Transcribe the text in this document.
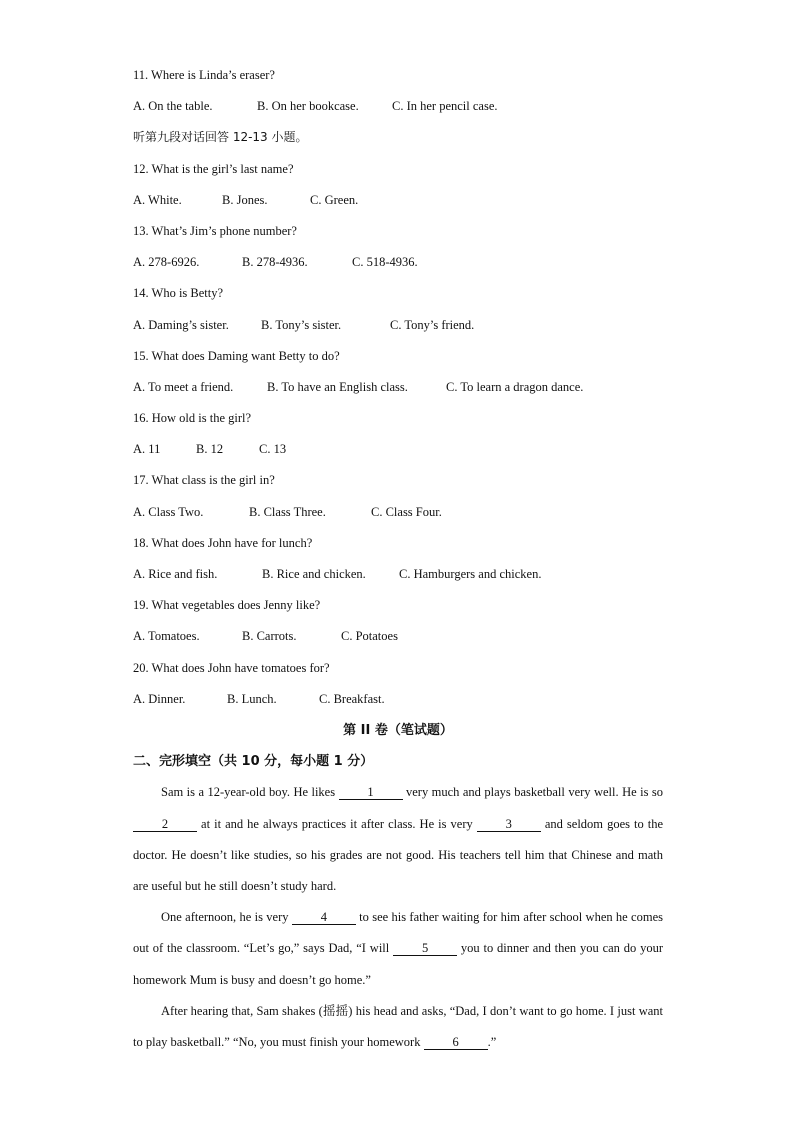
11. Where is Linda’s eraser?
A. On the table.	B. On her bookcase.	C. In her pencil case.
听第九段对话回答 12-13 小题。
12. What is the girl’s last name?
A. White.	B. Jones.	C. Green.
13. What’s Jim’s phone number?
A. 278-6926.	B. 278-4936.	C. 518-4936.
14. Who is Betty?
A. Daming’s sister.	B. Tony’s sister.	C. Tony’s friend.
15. What does Daming want Betty to do?
A. To meet a friend.	B. To have an English class.	C. To learn a dragon dance.
16. How old is the girl?
A. 11	B. 12	C. 13
17. What class is the girl in?
A. Class Two.	B. Class Three.	C. Class Four.
18. What does John have for lunch?
A. Rice and fish.	B. Rice and chicken.	C. Hamburgers and chicken.
19. What vegetables does Jenny like?
A. Tomatoes.	B. Carrots.	C. Potatoes
20. What does John have tomatoes for?
A. Dinner.	B. Lunch.	C. Breakfast.
第 II 卷（笔试题）
二、完形填空（共 10 分，每小题 1 分）
Sam is a 12-year-old boy. He likes	1	very much and plays basketball very well. He is so 2	at it and he always practices it after class. He is very	3	and seldom goes to the doctor. He doesn’t like studies, so his grades are not good. His teachers tell him that Chinese and math are useful but he still doesn’t study hard.
One afternoon, he is very	4	to see his father waiting for him after school when he comes out of the classroom. “Let’s go,” says Dad, “I will	5	you to dinner and then you can do your homework Mum is busy and doesn’t go home.”
After hearing that, Sam shakes (摇摇) his head and asks, “Dad, I don’t want to go home. I just want to play basketball.” “No, you must finish your homework	6 .”
